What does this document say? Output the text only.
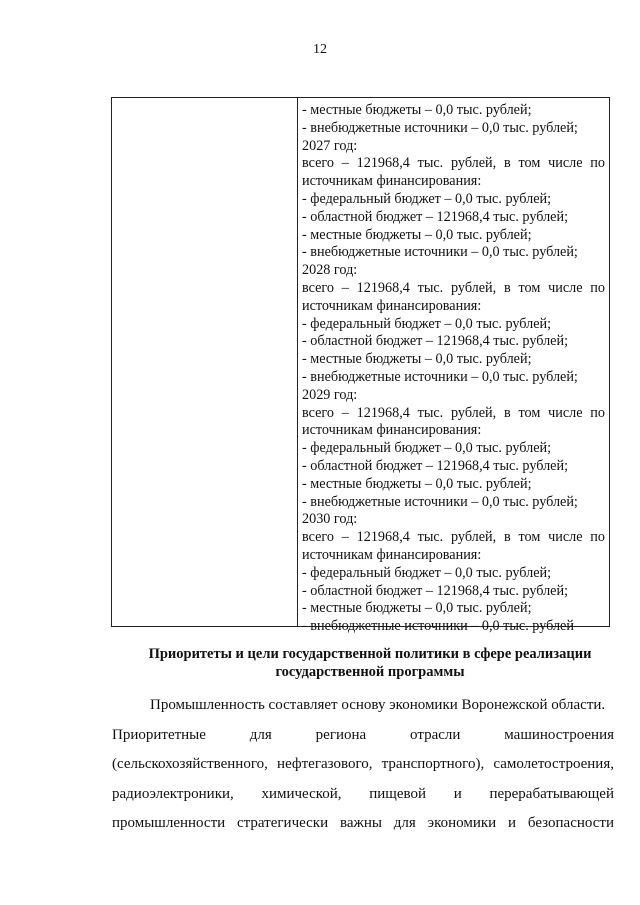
12
- местные бюджеты – 0,0 тыс. рублей;
- внебюджетные источники – 0,0 тыс. рублей;
2027 год:
всего – 121968,4 тыс. рублей, в том числе по
источникам финансирования:
- федеральный бюджет – 0,0 тыс. рублей;
- областной бюджет – 121968,4 тыс. рублей;
- местные бюджеты – 0,0 тыс. рублей;
- внебюджетные источники – 0,0 тыс. рублей;
2028 год:
всего – 121968,4 тыс. рублей, в том числе по
источникам финансирования:
- федеральный бюджет – 0,0 тыс. рублей;
- областной бюджет – 121968,4 тыс. рублей;
- местные бюджеты – 0,0 тыс. рублей;
- внебюджетные источники – 0,0 тыс. рублей;
2029 год:
всего – 121968,4 тыс. рублей, в том числе по
источникам финансирования:
- федеральный бюджет – 0,0 тыс. рублей;
- областной бюджет – 121968,4 тыс. рублей;
- местные бюджеты – 0,0 тыс. рублей;
- внебюджетные источники – 0,0 тыс. рублей;
2030 год:
всего – 121968,4 тыс. рублей, в том числе по
источникам финансирования:
- федеральный бюджет – 0,0 тыс. рублей;
- областной бюджет – 121968,4 тыс. рублей;
- местные бюджеты – 0,0 тыс. рублей;
- внебюджетные источники – 0,0 тыс. рублей
Приоритеты и цели государственной политики в сфере реализации
государственной программы
Промышленность составляет основу экономики Воронежской области.
Приоритетные для региона отрасли машиностроения
(сельскохозяйственного, нефтегазового, транспортного), самолетостроения,
радиоэлектроники, химической, пищевой и перерабатывающей
промышленности стратегически важны для экономики и безопасности
